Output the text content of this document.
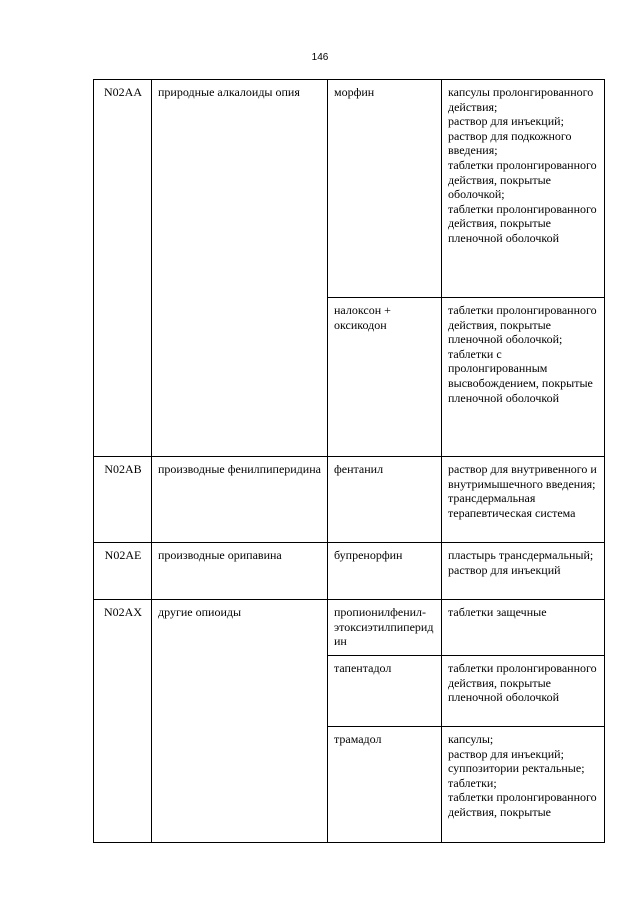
146
N02AA	природные алкалоиды опия	морфин	капсулы пролонгированного действия;
раствор для инъекций;
раствор для подкожного введения;
таблетки пролонгированного действия, покрытые оболочкой;
таблетки пролонгированного действия, покрытые пленочной оболочкой

		налоксон + оксикодон	таблетки пролонгированного действия, покрытые пленочной оболочкой;
таблетки с пролонгированным высвобождением, покрытые пленочной оболочкой

N02AB	производные фенилпиперидина	фентанил	раствор для внутривенного и внутримышечного введения;
трансдермальная терапевтическая система

N02AE	производные орипавина	бупренорфин	пластырь трансдермальный;
раствор для инъекций

N02AX	другие опиоиды	пропионилфенил-этоксиэтилпиперидин	таблетки защечные

		тапентадол	таблетки пролонгированного действия, покрытые пленочной оболочкой

		трамадол	капсулы;
раствор для инъекций;
суппозитории ректальные;
таблетки;
таблетки пролонгированного действия, покрытые
